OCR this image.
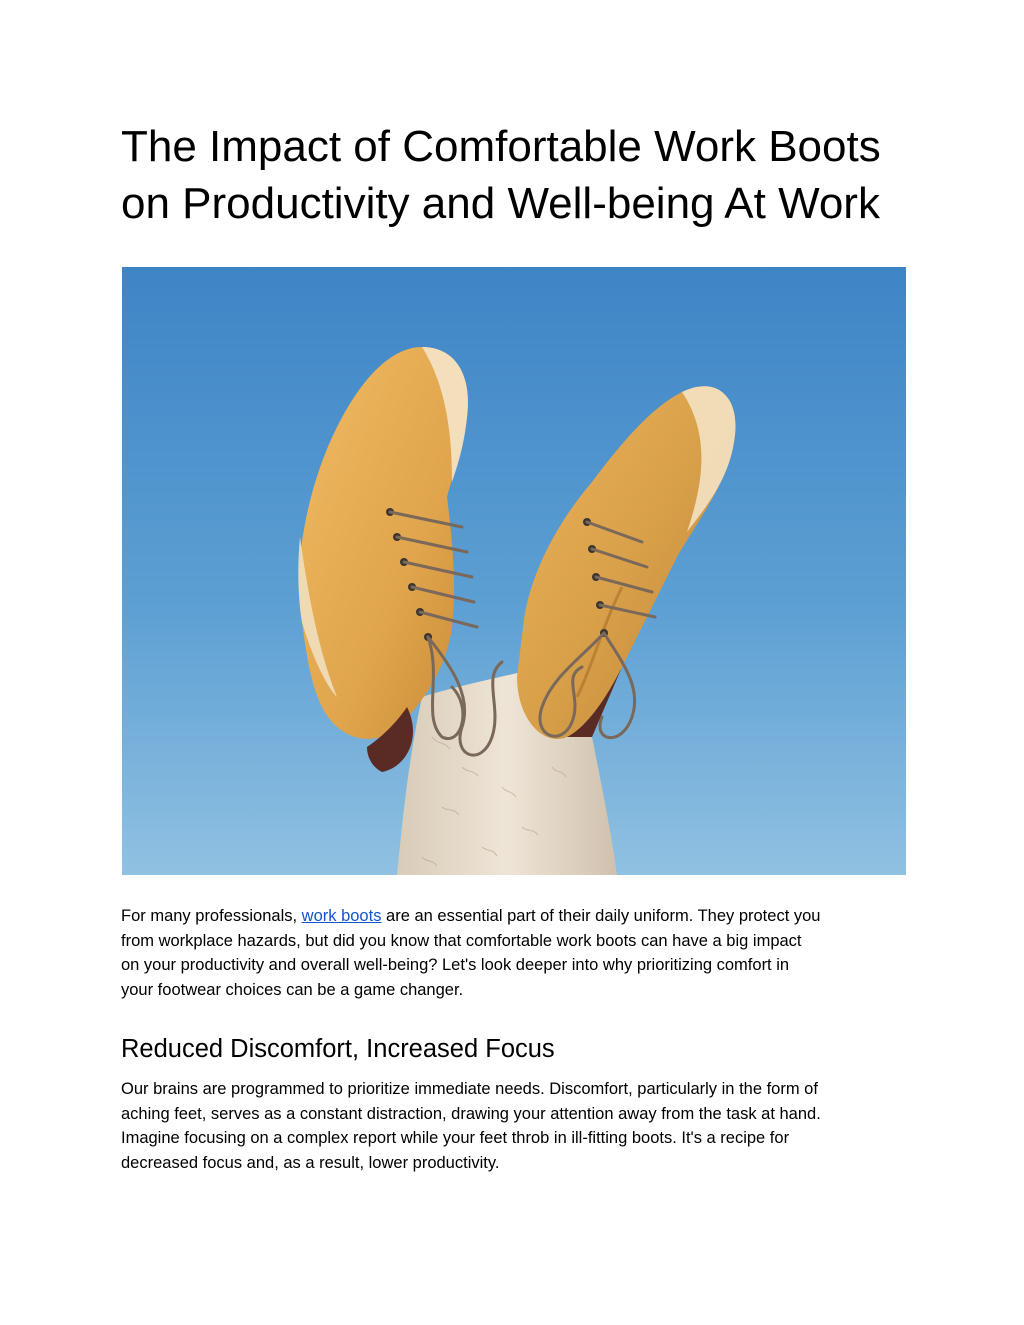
The Impact of Comfortable Work Boots
on Productivity and Well-being At Work

For many professionals, work boots are an essential part of their daily uniform. They protect you
from workplace hazards, but did you know that comfortable work boots can have a big impact
on your productivity and overall well-being? Let's look deeper into why prioritizing comfort in
your footwear choices can be a game changer.

Reduced Discomfort, Increased Focus

Our brains are programmed to prioritize immediate needs. Discomfort, particularly in the form of
aching feet, serves as a constant distraction, drawing your attention away from the task at hand.
Imagine focusing on a complex report while your feet throb in ill-fitting boots. It's a recipe for
decreased focus and, as a result, lower productivity.
